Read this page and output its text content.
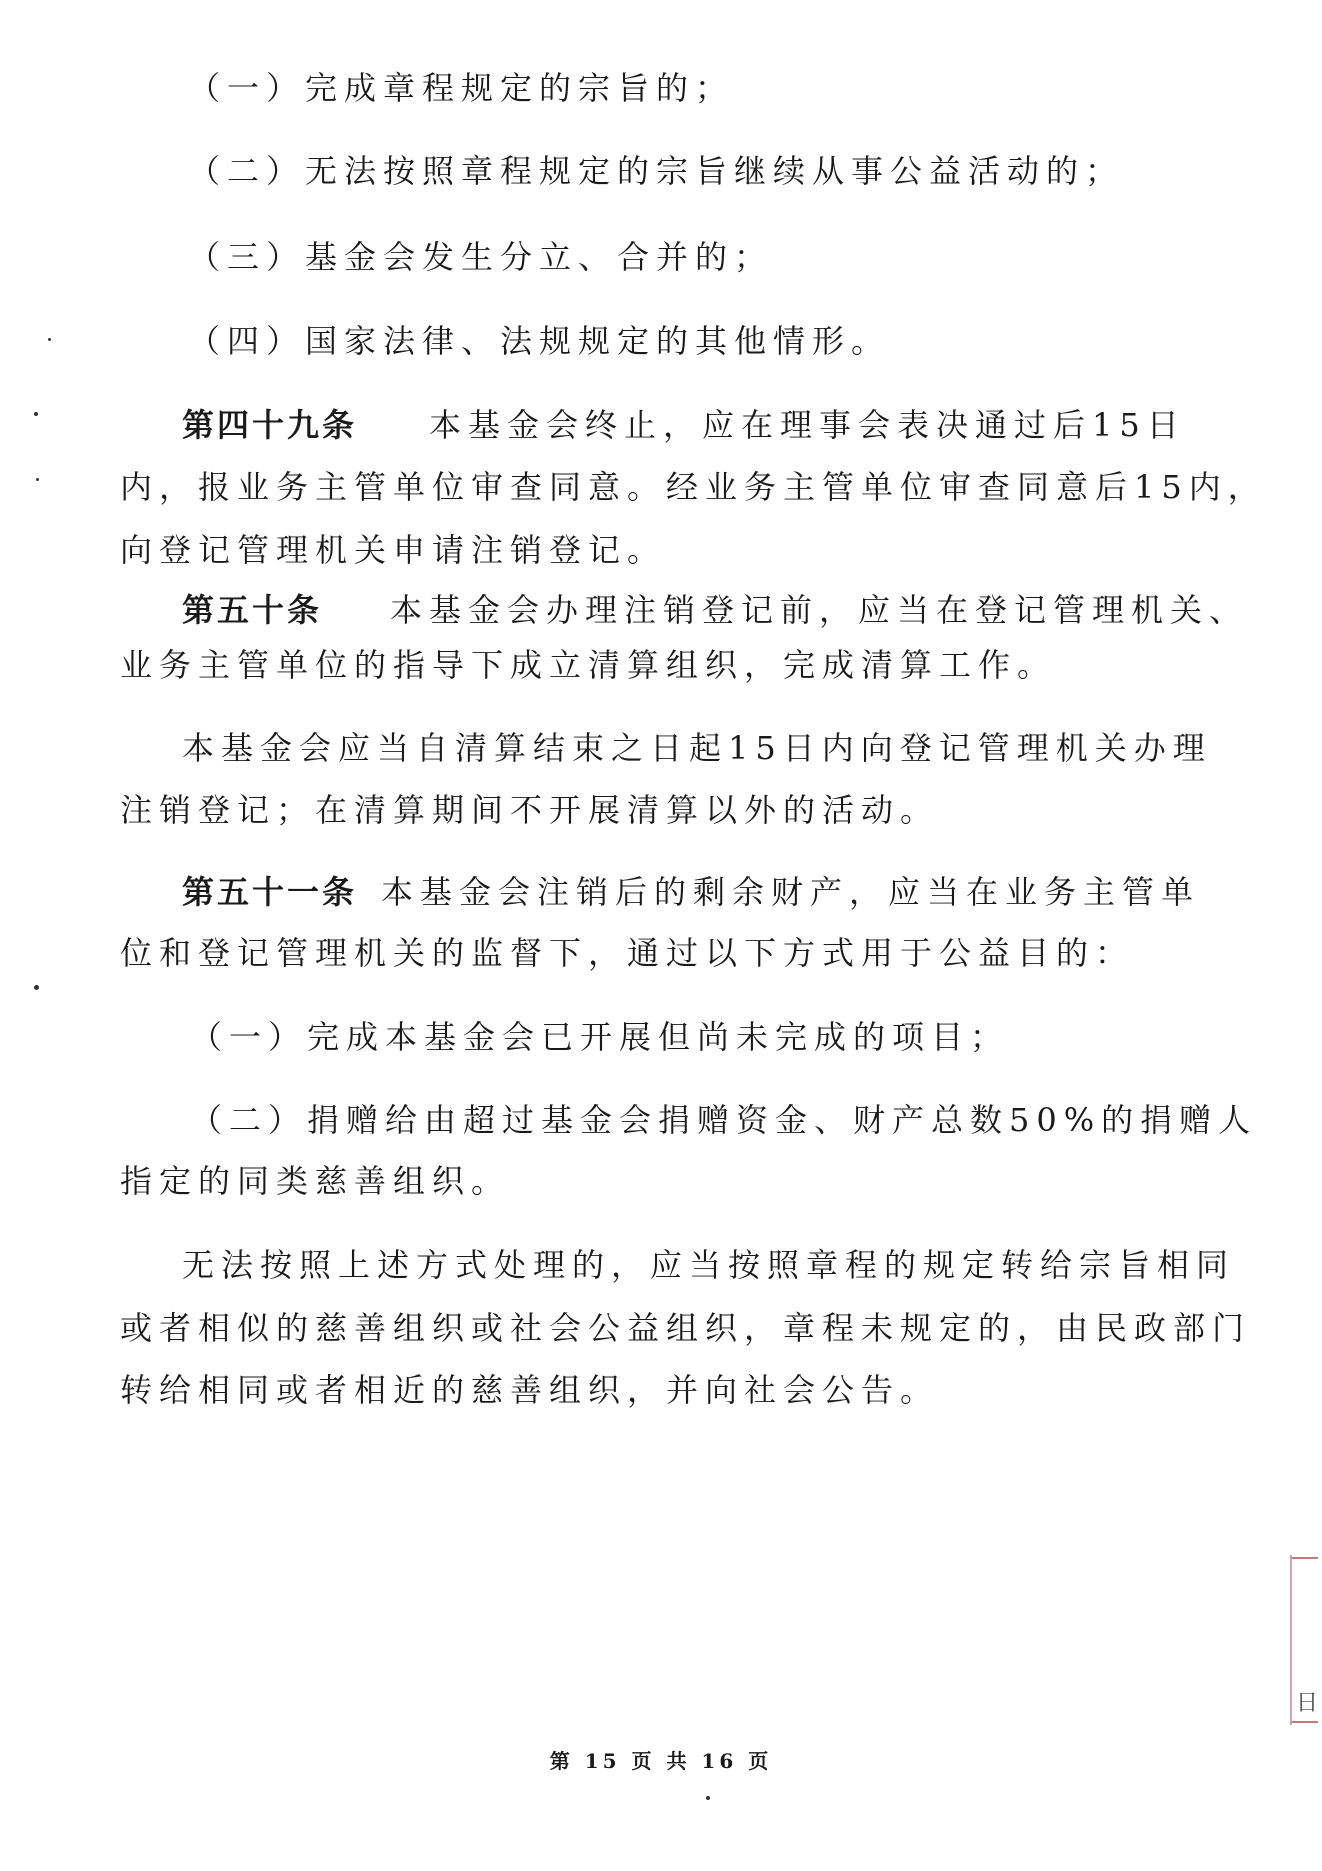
（一）完成章程规定的宗旨的；
（二）无法按照章程规定的宗旨继续从事公益活动的；
（三）基金会发生分立、合并的；
（四）国家法律、法规规定的其他情形。
第四十九条 本基金会终止，应在理事会表决通过后15日
内，报业务主管单位审查同意。经业务主管单位审查同意后15内，
向登记管理机关申请注销登记。
第五十条 本基金会办理注销登记前，应当在登记管理机关、
业务主管单位的指导下成立清算组织，完成清算工作。
本基金会应当自清算结束之日起15日内向登记管理机关办理
注销登记；在清算期间不开展清算以外的活动。
第五十一条 本基金会注销后的剩余财产，应当在业务主管单
位和登记管理机关的监督下，通过以下方式用于公益目的：
（一）完成本基金会已开展但尚未完成的项目；
（二）捐赠给由超过基金会捐赠资金、财产总数50%的捐赠人
指定的同类慈善组织。
无法按照上述方式处理的，应当按照章程的规定转给宗旨相同
或者相似的慈善组织或社会公益组织，章程未规定的，由民政部门
转给相同或者相近的慈善组织，并向社会公告。
第 15 页 共 16 页
日
